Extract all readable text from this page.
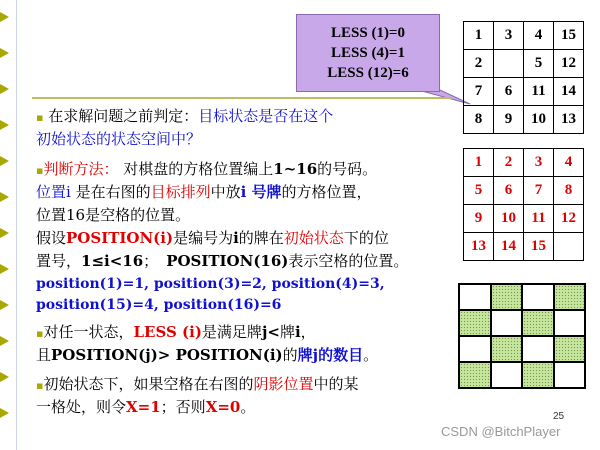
LESS (1)=0
LESS (4)=1
LESS (12)=6
1	3	4	15
2		5	12
7	6	11	14
8	9	10	13
1	2	3	4
5	6	7	8
9	10	11	12
13	14	15	
▪ 在求解问题之前判定：目标状态是否在这个
初始状态的状态空间中？
▪判断方法： 对棋盘的方格位置编上1~16的号码。
位置i 是在右图的目标排列中放i 号牌的方格位置，
位置16是空格的位置。
假设POSITION(i)是编号为i的牌在初始状态下的位
置号，1≤i<16； POSITION(16)表示空格的位置。
position(1)=1, position(3)=2, position(4)=3,
position(15)=4, position(16)=6
▪对任一状态，LESS (i)是满足牌j<牌i，
且POSITION(j)> POSITION(i)的牌j的数目。
▪初始状态下，如果空格在右图的阴影位置中的某
一格处，则令X=1；否则X=0。
25
CSDN @BitchPlayer
